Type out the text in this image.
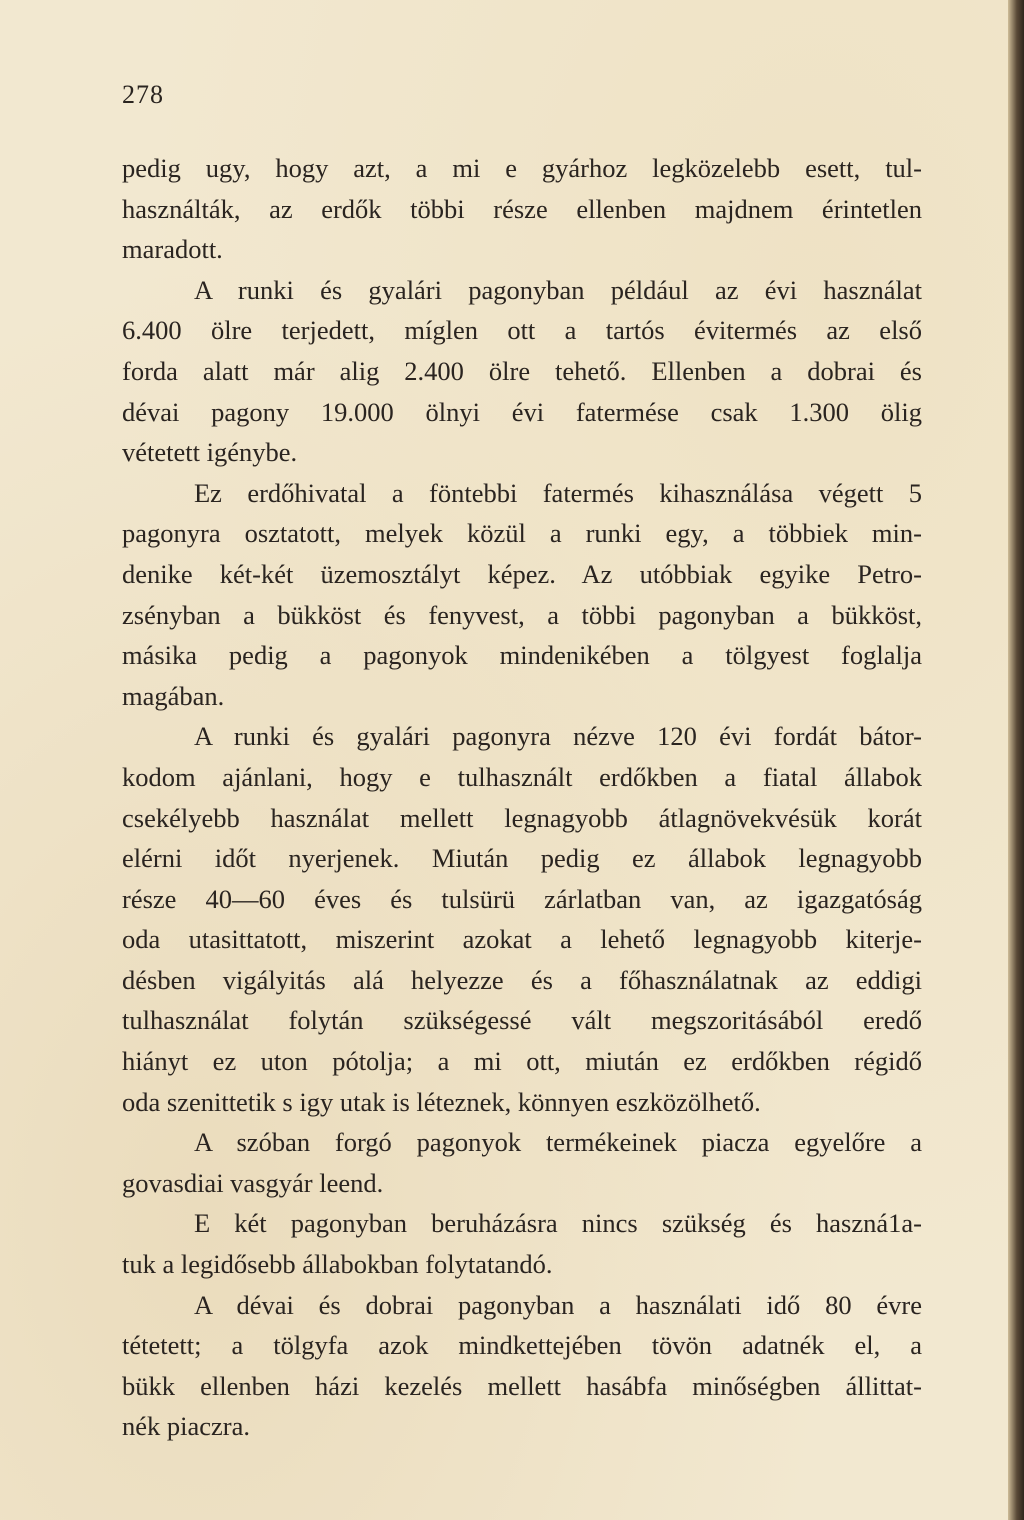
278
pedig ugy, hogy azt, a mi e gyárhoz legközelebb esett, tul-
használták, az erdők többi része ellenben majdnem érintetlen
maradott.
A runki és gyalári pagonyban például az évi használat
6.400 ölre terjedett, míglen ott a tartós évitermés az első
forda alatt már alig 2.400 ölre tehető. Ellenben a dobrai és
dévai pagony 19.000 ölnyi évi fatermése csak 1.300 ölig
vétetett igénybe.
Ez erdőhivatal a föntebbi fatermés kihasználása végett 5
pagonyra osztatott, melyek közül a runki egy, a többiek min-
denike két-két üzemosztályt képez. Az utóbbiak egyike Petro-
zsényban a bükköst és fenyvest, a többi pagonyban a bükköst,
másika pedig a pagonyok mindenikében a tölgyest foglalja
magában.
A runki és gyalári pagonyra nézve 120 évi fordát bátor-
kodom ajánlani, hogy e tulhasznált erdőkben a fiatal állabok
csekélyebb használat mellett legnagyobb átlagnövekvésük korát
elérni időt nyerjenek. Miután pedig ez állabok legnagyobb
része 40—60 éves és tulsürü zárlatban van, az igazgatóság
oda utasittatott, miszerint azokat a lehető legnagyobb kiterje-
désben vigályitás alá helyezze és a főhasználatnak az eddigi
tulhasználat folytán szükségessé vált megszoritásából eredő
hiányt ez uton pótolja; a mi ott, miután ez erdőkben régidő
oda szenittetik s igy utak is léteznek, könnyen eszközölhető.
A szóban forgó pagonyok termékeinek piacza egyelőre a
govasdiai vasgyár leend.
E két pagonyban beruházásra nincs szükség és haszná1a-
tuk a legidősebb állabokban folytatandó.
A dévai és dobrai pagonyban a használati idő 80 évre
tétetett; a tölgyfa azok mindkettejében tövön adatnék el, a
bükk ellenben házi kezelés mellett hasábfa minőségben állittat-
nék piaczra.
